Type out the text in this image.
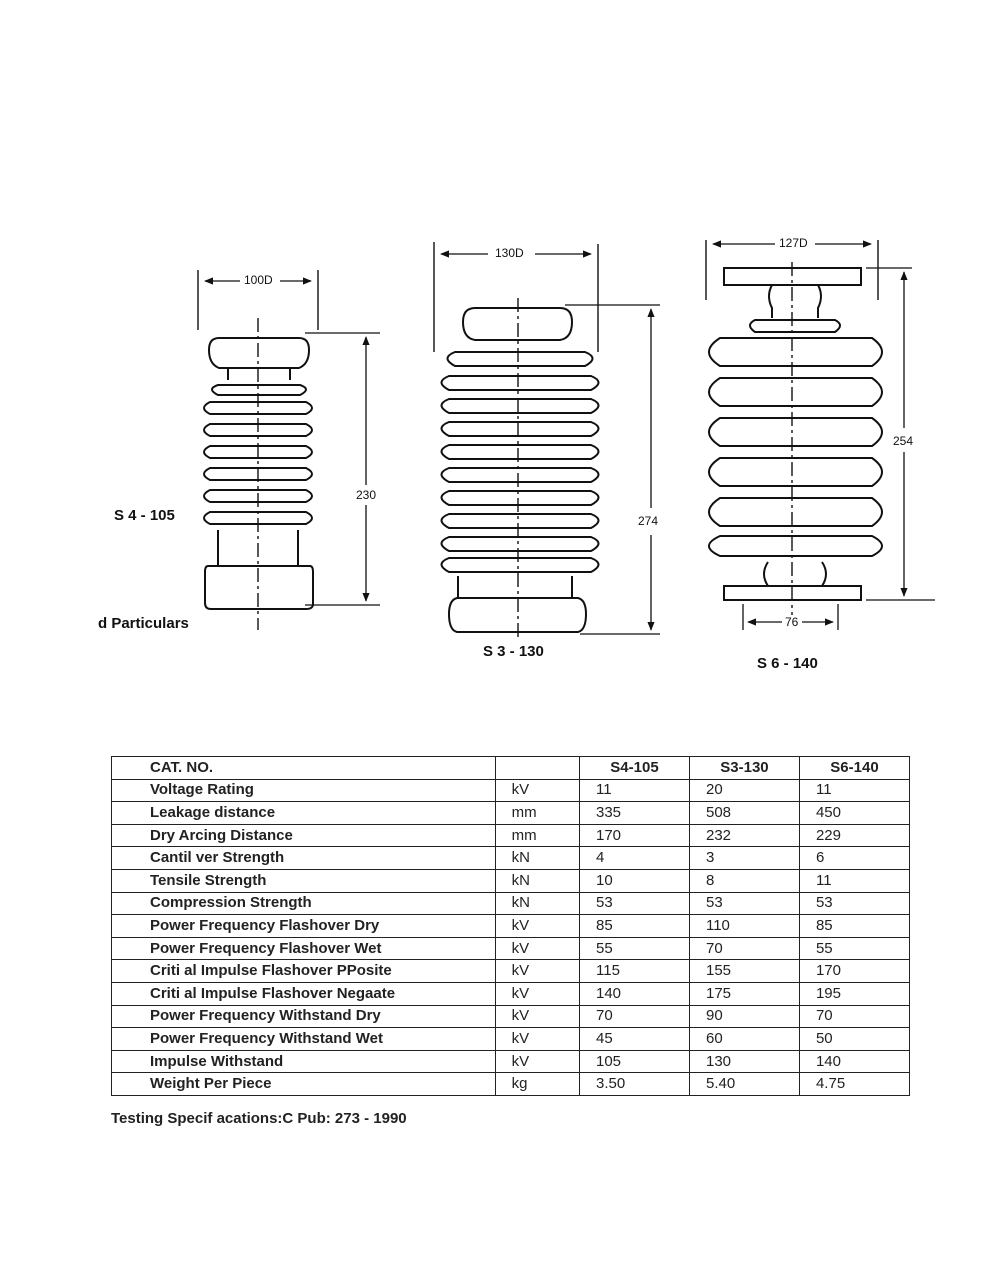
100D
230
S 4 - 105
d Particulars
130D
274
S 3 - 130
127D
254
76
S 6 - 140
CAT. NO.		S4-105	S3-130	S6-140
Voltage Rating	kV	11	20	11
Leakage distance	mm	335	508	450
Dry Arcing Distance	mm	170	232	229
Cantil ver Strength	kN	4	3	6
Tensile Strength	kN	10	8	11
Compression Strength	kN	53	53	53
Power Frequency Flashover Dry	kV	85	110	85
Power Frequency Flashover Wet	kV	55	70	55
Criti al Impulse Flashover PPosite	kV	115	155	170
Criti al Impulse Flashover Negaate	kV	140	175	195
Power Frequency Withstand Dry	kV	70	90	70
Power Frequency Withstand Wet	kV	45	60	50
Impulse Withstand	kV	105	130	140
Weight Per Piece	kg	3.50	5.40	4.75
Testing Specif acations:C Pub: 273 - 1990
